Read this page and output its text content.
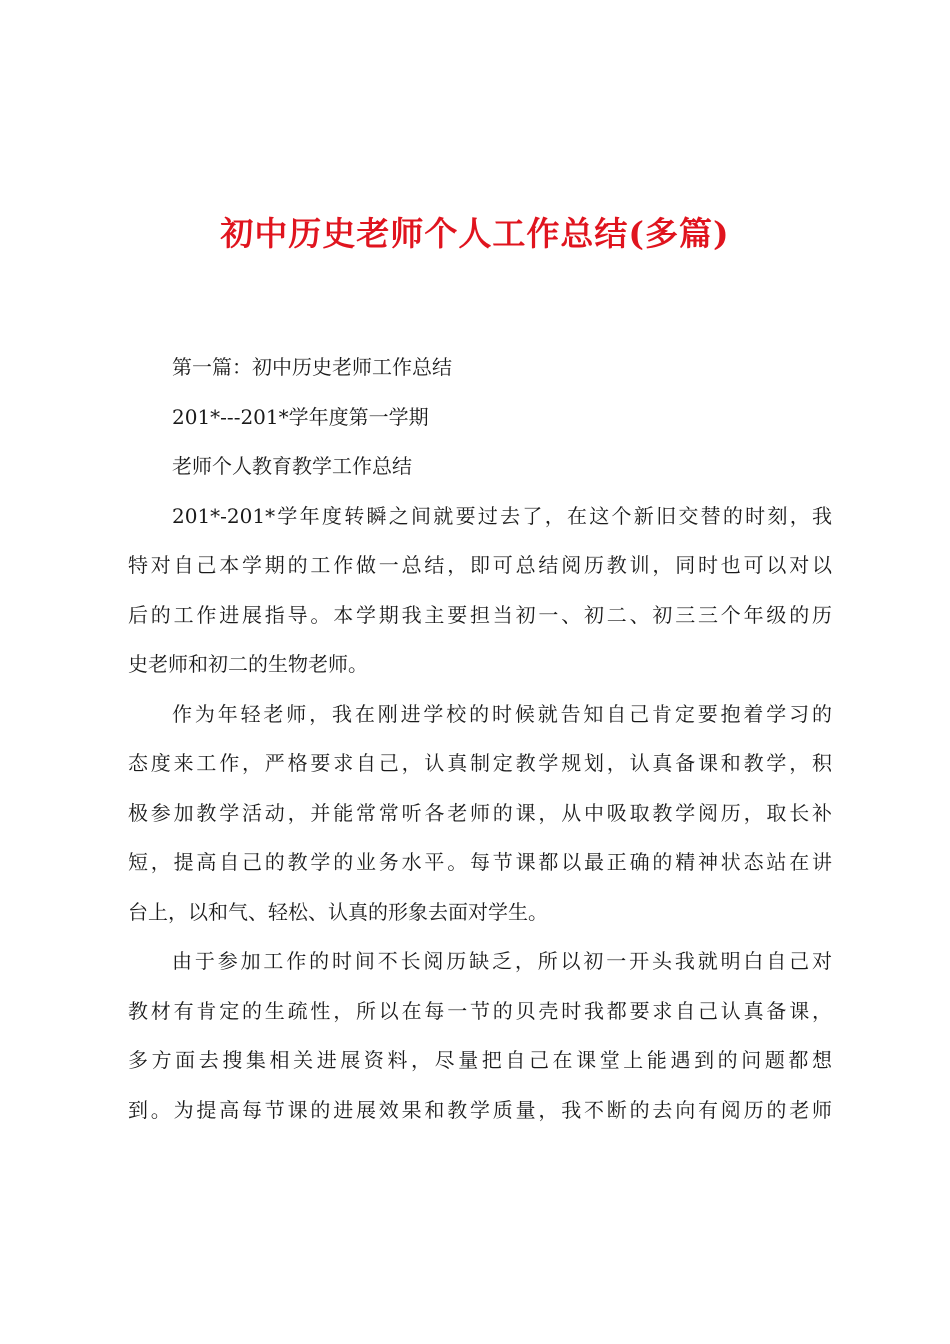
初中历史老师个人工作总结(多篇)
第一篇：初中历史老师工作总结
201*---201*学年度第一学期
老师个人教育教学工作总结
201*-201*学年度转瞬之间就要过去了，在这个新旧交替的时刻，我
特对自己本学期的工作做一总结，即可总结阅历教训，同时也可以对以
后的工作进展指导。本学期我主要担当初一、初二、初三三个年级的历
史老师和初二的生物老师。
作为年轻老师，我在刚进学校的时候就告知自己肯定要抱着学习的
态度来工作，严格要求自己，认真制定教学规划，认真备课和教学，积
极参加教学活动，并能常常听各老师的课，从中吸取教学阅历，取长补
短，提高自己的教学的业务水平。每节课都以最正确的精神状态站在讲
台上，以和气、轻松、认真的形象去面对学生。
由于参加工作的时间不长阅历缺乏，所以初一开头我就明白自己对
教材有肯定的生疏性，所以在每一节的贝壳时我都要求自己认真备课，
多方面去搜集相关进展资料，尽量把自己在课堂上能遇到的问题都想
到。为提高每节课的进展效果和教学质量，我不断的去向有阅历的老师
